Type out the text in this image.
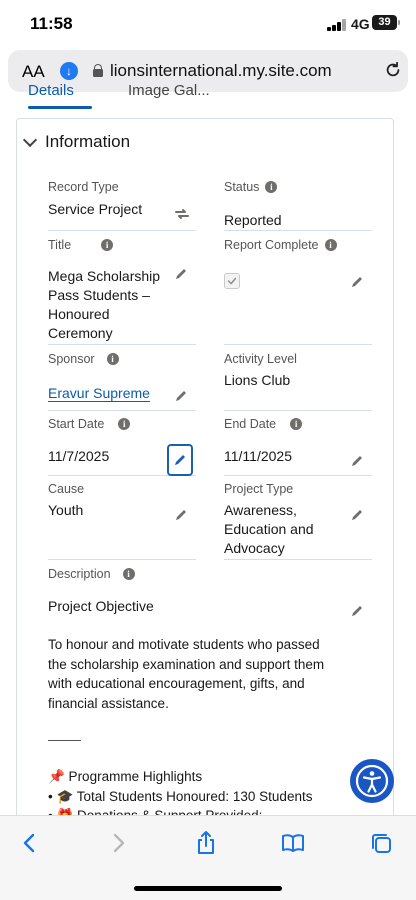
11:58	4G 39
AA	↓	lionsinternational.my.site.com
Details	Image Gal...
Information
Record Type
Service Project
Status	i
Reported
Title	i
Mega Scholarship
Pass Students –
Honoured
Ceremony
Report Complete	i
Sponsor	i
Eravur Supreme
Activity Level
Lions Club
Start Date	i
11/7/2025
End Date	i
11/11/2025
Cause
Youth
Project Type
Awareness,
Education and
Advocacy
Description	i
Project Objective
To honour and motivate students who passed
the scholarship examination and support them
with educational encouragement, gifts, and
financial assistance.
📌 Programme Highlights
• 🎓 Total Students Honoured: 130 Students
